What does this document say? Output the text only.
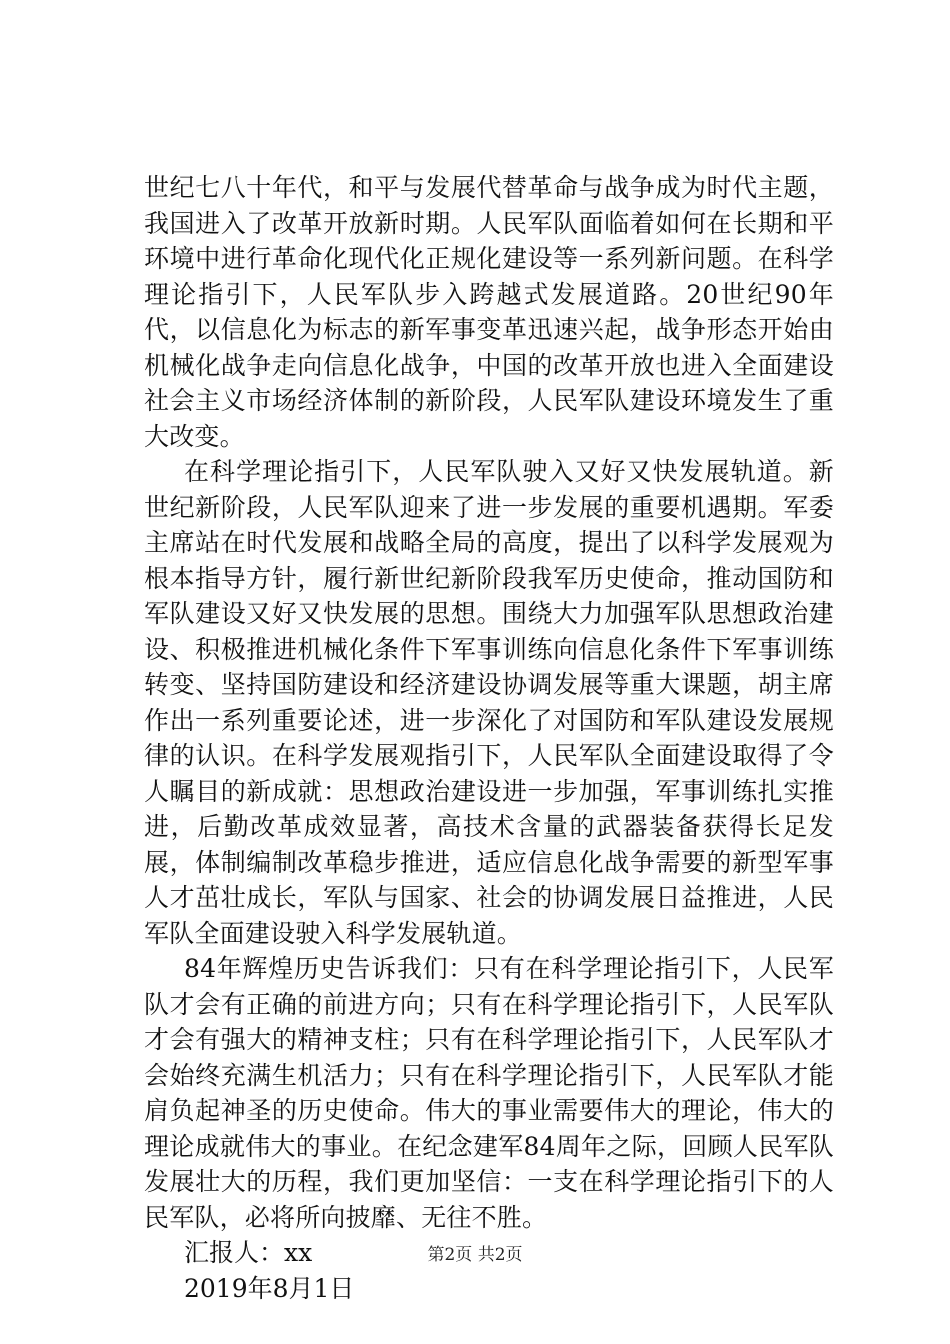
世纪七八十年代，和平与发展代替革命与战争成为时代主题，我国进入了改革开放新时期。人民军队面临着如何在长期和平环境中进行革命化现代化正规化建设等一系列新问题。在科学理论指引下，人民军队步入跨越式发展道路。20世纪90年代，以信息化为标志的新军事变革迅速兴起，战争形态开始由机械化战争走向信息化战争，中国的改革开放也进入全面建设社会主义市场经济体制的新阶段，人民军队建设环境发生了重大改变。

在科学理论指引下，人民军队驶入又好又快发展轨道。新世纪新阶段，人民军队迎来了进一步发展的重要机遇期。军委主席站在时代发展和战略全局的高度，提出了以科学发展观为根本指导方针，履行新世纪新阶段我军历史使命，推动国防和军队建设又好又快发展的思想。围绕大力加强军队思想政治建设、积极推进机械化条件下军事训练向信息化条件下军事训练转变、坚持国防建设和经济建设协调发展等重大课题，胡主席作出一系列重要论述，进一步深化了对国防和军队建设发展规律的认识。在科学发展观指引下，人民军队全面建设取得了令人瞩目的新成就：思想政治建设进一步加强，军事训练扎实推进，后勤改革成效显著，高技术含量的武器装备获得长足发展，体制编制改革稳步推进，适应信息化战争需要的新型军事人才茁壮成长，军队与国家、社会的协调发展日益推进，人民军队全面建设驶入科学发展轨道。

84年辉煌历史告诉我们：只有在科学理论指引下，人民军队才会有正确的前进方向；只有在科学理论指引下，人民军队才会有强大的精神支柱；只有在科学理论指引下，人民军队才会始终充满生机活力；只有在科学理论指引下，人民军队才能肩负起神圣的历史使命。伟大的事业需要伟大的理论，伟大的理论成就伟大的事业。在纪念建军84周年之际，回顾人民军队发展壮大的历程，我们更加坚信：一支在科学理论指引下的人民军队，必将所向披靡、无往不胜。

汇报人：xx

2019年8月1日

第2页 共2页
